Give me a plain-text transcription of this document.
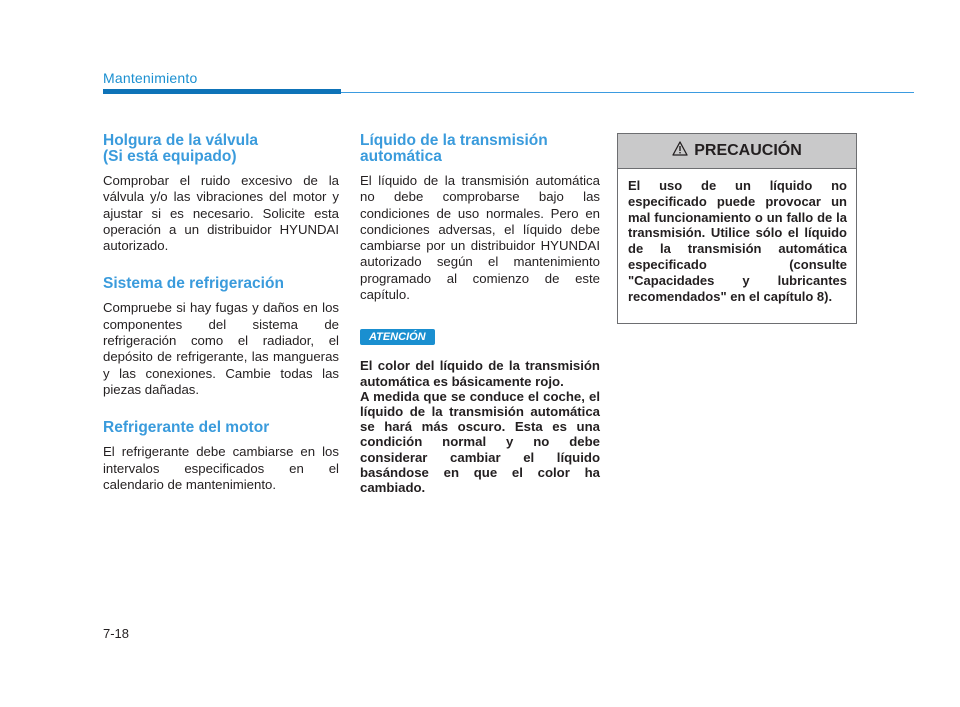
Mantenimiento
Holgura de la válvula
(Si está equipado)

Comprobar el ruido excesivo de la válvula y/o las vibraciones del motor y ajustar si es necesario. Solicite esta operación a un distribuidor HYUNDAI autorizado.

Sistema de refrigeración

Compruebe si hay fugas y daños en los componentes del sistema de refrigeración como el radiador, el depósito de refrigerante, las mangueras y las conexiones. Cambie todas las piezas dañadas.

Refrigerante del motor

El refrigerante debe cambiarse en los intervalos especificados en el calendario de mantenimiento.

Líquido de la transmisión
automática

El líquido de la transmisión automática no debe comprobarse bajo las condiciones de uso normales. Pero en condiciones adversas, el líquido debe cambiarse por un distribuidor HYUNDAI autorizado según el mantenimiento programado al comienzo de este capítulo.

ATENCIÓN

El color del líquido de la transmisión automática es básicamente rojo.

A medida que se conduce el coche, el líquido de la transmisión automática se hará más oscuro. Esta es una condición normal y no debe considerar cambiar el líquido basándose en que el color ha cambiado.

PRECAUCIÓN
El uso de un líquido no especificado puede provocar un mal funcionamiento o un fallo de la transmisión. Utilice sólo el líquido de la transmisión automática especificado (consulte "Capacidades y lubricantes recomendados" en el capítulo 8).
7-18
